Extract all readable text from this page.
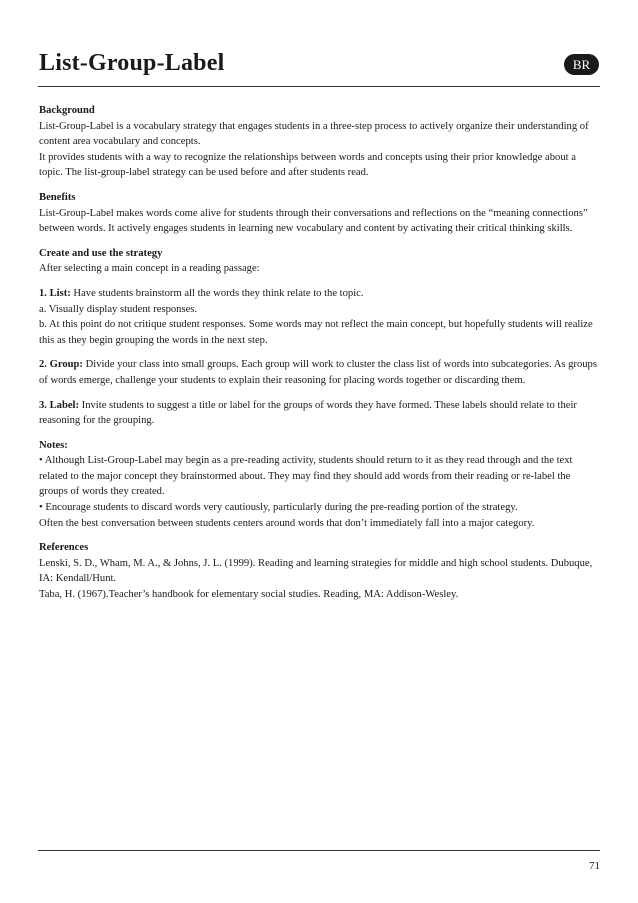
List-Group-Label	BR

Background

List-Group-Label is a vocabulary strategy that engages students in a three-step process to actively organize their understanding of content area vocabulary and concepts.

It provides students with a way to recognize the relationships between words and concepts using their prior knowledge about a topic. The list-group-label strategy can be used before and after students read.

Benefits

List-Group-Label makes words come alive for students through their conversations and reflections on the “meaning connections” between words. It actively engages students in learning new vocabulary and content by activating their critical thinking skills.

Create and use the strategy

After selecting a main concept in a reading passage:

1. List: Have students brainstorm all the words they think relate to the topic.

a. Visually display student responses.

b. At this point do not critique student responses. Some words may not reflect the main concept, but hopefully students will realize this as they begin grouping the words in the next step.

2. Group: Divide your class into small groups. Each group will work to cluster the class list of words into subcategories. As groups of words emerge, challenge your students to explain their reasoning for placing words together or discarding them.

3. Label: Invite students to suggest a title or label for the groups of words they have formed. These labels should relate to their reasoning for the grouping.

Notes:

• Although List-Group-Label may begin as a pre-reading activity, students should return to it as they read through and the text related to the major concept they brainstormed about. They may find they should add words from their reading or re-label the groups of words they created.

• Encourage students to discard words very cautiously, particularly during the pre-reading portion of the strategy.

Often the best conversation between students centers around words that don’t immediately fall into a major category.

References

Lenski, S. D., Wham, M. A., & Johns, J. L. (1999). Reading and learning strategies for middle and high school students. Dubuque, IA: Kendall/Hunt.

Taba, H. (1967).Teacher’s handbook for elementary social studies. Reading, MA: Addison-Wesley.

71
